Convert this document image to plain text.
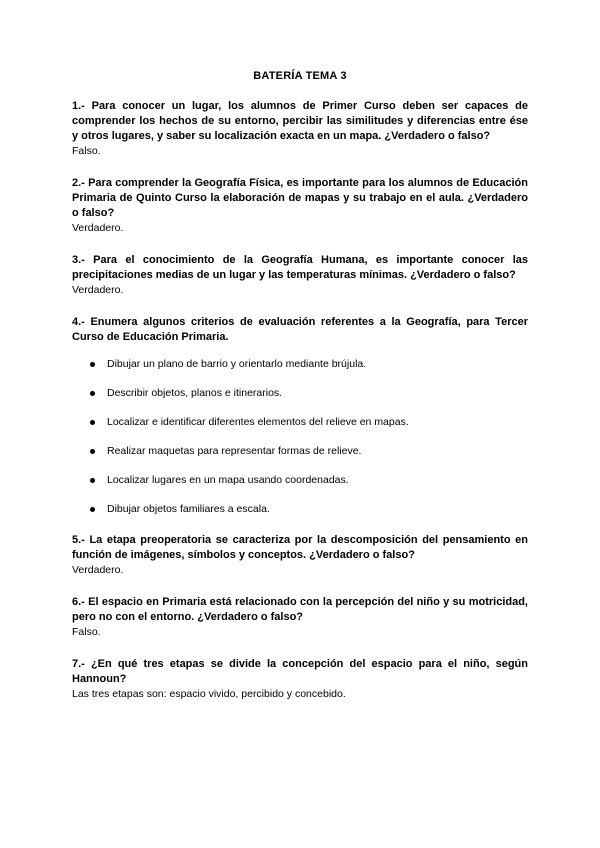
BATERÍA TEMA 3

1.- Para conocer un lugar, los alumnos de Primer Curso deben ser capaces de comprender los hechos de su entorno, percibir las similitudes y diferencias entre ése y otros lugares, y saber su localización exacta en un mapa. ¿Verdadero o falso?

Falso.

2.- Para comprender la Geografía Física, es importante para los alumnos de Educación Primaria de Quinto Curso la elaboración de mapas y su trabajo en el aula. ¿Verdadero o falso?

Verdadero.

3.- Para el conocimiento de la Geografía Humana, es importante conocer las precipitaciones medias de un lugar y las temperaturas mínimas. ¿Verdadero o falso?

Verdadero.

4.- Enumera algunos criterios de evaluación referentes a la Geografía, para Tercer Curso de Educación Primaria.

Dibujar un plano de barrio y orientarlo mediante brújula.
Describir objetos, planos e itinerarios.
Localizar e identificar diferentes elementos del relieve en mapas.
Realizar maquetas para representar formas de relieve.
Localizar lugares en un mapa usando coordenadas.
Dibujar objetos familiares a escala.

5.- La etapa preoperatoria se caracteriza por la descomposición del pensamiento en función de imágenes, símbolos y conceptos. ¿Verdadero o falso?

Verdadero.

6.- El espacio en Primaria está relacionado con la percepción del niño y su motricidad, pero no con el entorno. ¿Verdadero o falso?

Falso.

7.- ¿En qué tres etapas se divide la concepción del espacio para el niño, según Hannoun?

Las tres etapas son: espacio vivido, percibido y concebido.
